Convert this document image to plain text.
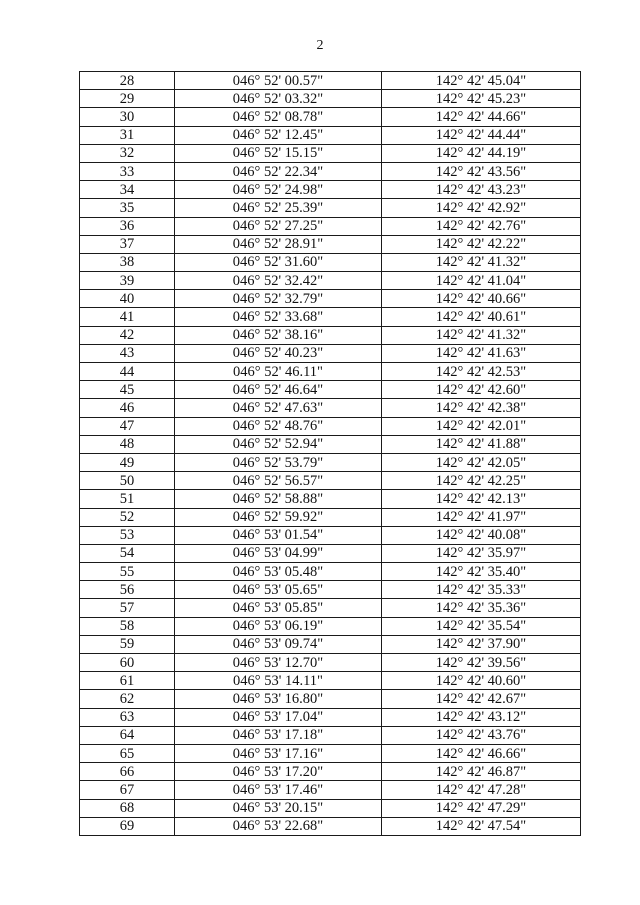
2
28	046° 52' 00.57"	142° 42' 45.04"
29	046° 52' 03.32"	142° 42' 45.23"
30	046° 52' 08.78"	142° 42' 44.66"
31	046° 52' 12.45"	142° 42' 44.44"
32	046° 52' 15.15"	142° 42' 44.19"
33	046° 52' 22.34"	142° 42' 43.56"
34	046° 52' 24.98"	142° 42' 43.23"
35	046° 52' 25.39"	142° 42' 42.92"
36	046° 52' 27.25"	142° 42' 42.76"
37	046° 52' 28.91"	142° 42' 42.22"
38	046° 52' 31.60"	142° 42' 41.32"
39	046° 52' 32.42"	142° 42' 41.04"
40	046° 52' 32.79"	142° 42' 40.66"
41	046° 52' 33.68"	142° 42' 40.61"
42	046° 52' 38.16"	142° 42' 41.32"
43	046° 52' 40.23"	142° 42' 41.63"
44	046° 52' 46.11"	142° 42' 42.53"
45	046° 52' 46.64"	142° 42' 42.60"
46	046° 52' 47.63"	142° 42' 42.38"
47	046° 52' 48.76"	142° 42' 42.01"
48	046° 52' 52.94"	142° 42' 41.88"
49	046° 52' 53.79"	142° 42' 42.05"
50	046° 52' 56.57"	142° 42' 42.25"
51	046° 52' 58.88"	142° 42' 42.13"
52	046° 52' 59.92"	142° 42' 41.97"
53	046° 53' 01.54"	142° 42' 40.08"
54	046° 53' 04.99"	142° 42' 35.97"
55	046° 53' 05.48"	142° 42' 35.40"
56	046° 53' 05.65"	142° 42' 35.33"
57	046° 53' 05.85"	142° 42' 35.36"
58	046° 53' 06.19"	142° 42' 35.54"
59	046° 53' 09.74"	142° 42' 37.90"
60	046° 53' 12.70"	142° 42' 39.56"
61	046° 53' 14.11"	142° 42' 40.60"
62	046° 53' 16.80"	142° 42' 42.67"
63	046° 53' 17.04"	142° 42' 43.12"
64	046° 53' 17.18"	142° 42' 43.76"
65	046° 53' 17.16"	142° 42' 46.66"
66	046° 53' 17.20"	142° 42' 46.87"
67	046° 53' 17.46"	142° 42' 47.28"
68	046° 53' 20.15"	142° 42' 47.29"
69	046° 53' 22.68"	142° 42' 47.54"
